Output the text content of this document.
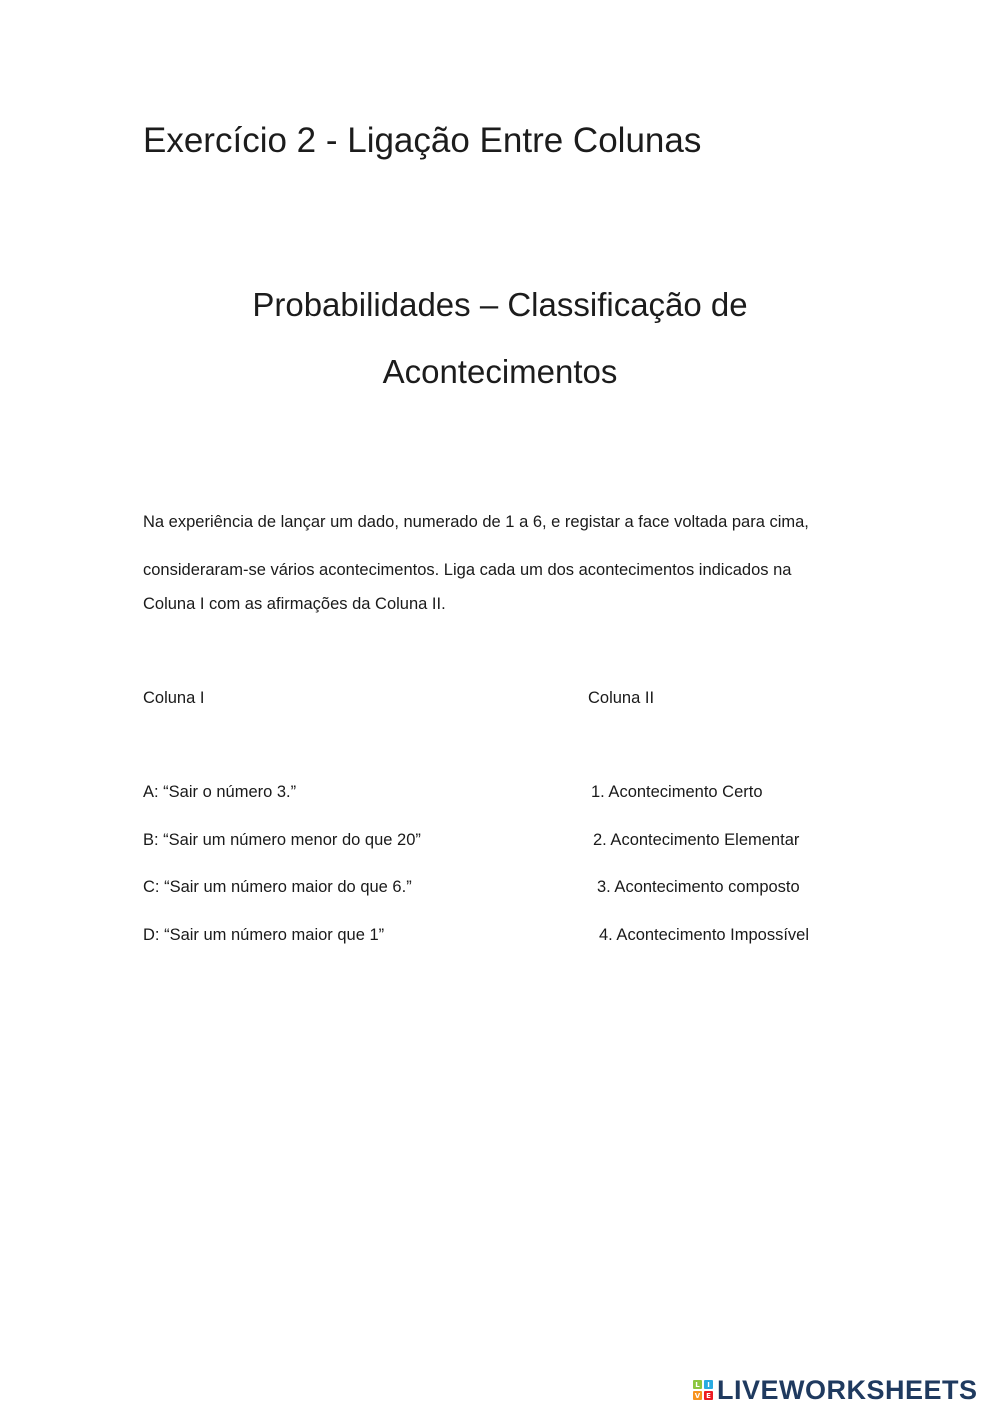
Exercício 2 - Ligação Entre Colunas
Probabilidades – Classificação de
Acontecimentos
Na experiência de lançar um dado, numerado de 1 a 6, e registar a face voltada para cima,
consideraram-se vários acontecimentos. Liga cada um dos acontecimentos indicados na
Coluna I com as afirmações da Coluna II.
Coluna I	Coluna II
A: “Sair o número 3.”
B: “Sair um número menor do que 20”
C: “Sair um número maior do que 6.”
D: “Sair um número maior que 1”
1. Acontecimento Certo
2. Acontecimento Elementar
3. Acontecimento composto
4. Acontecimento Impossível
L	I
V E LIVEWORKSHEETS
